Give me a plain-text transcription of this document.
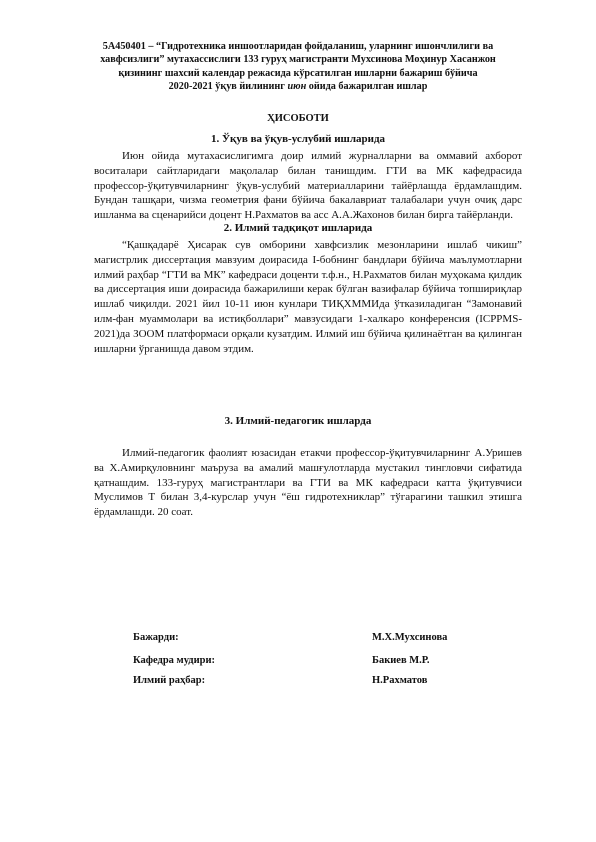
5A450401 – “Гидротехника иншоотларидан фойдаланиш, уларнинг ишончлилиги ва
хавфсизлиги” мутахассислиги 133 гуруҳ магистранти Мухсинова Моҳинур Хасанжон
қизининг шахсий календар режасида кўрсатилган ишларни бажариш бўйича
2020-2021 ўқув йилининг июн ойида бажарилган ишлар
ҲИСОБОТИ
1. Ўқув ва ўқув-услубий ишларида
Июн ойида мутахасислигимга доир илмий журналларни ва оммавий ахборот воситалари сайтларидаги мақолалар билан танишдим. ГТИ ва МК кафедрасида профессор-ўқитувчиларнинг ўқув-услубий материалларини тайёрлашда ёрдамлашдим. Бундан ташқари, чизма геометрия фани бўйича бакалавриат талабалари учун очиқ дарс ишланма ва сценарийси доцент Н.Рахматов ва асс А.А.Жахонов билан бирга тайёрланди.
2. Илмий тадқиқот ишларида
“Қашқадарё Ҳисарак сув омборини хавфсизлик мезонларини ишлаб чикиш” магистрлик диссертация мавзуим доирасида I-бобнинг бандлари бўйича маълумотларни илмий раҳбар “ГТИ ва МК” кафедраси доценти т.ф.н., Н.Рахматов билан муҳокама қилдик ва диссертация иши доирасида бажарилиши керак бўлган вазифалар бўйича топшириқлар ишлаб чиқилди. 2021 йил 10-11 июн кунлари ТИҚХММИда ўтказиладиган “Замонавий илм-фан муаммолари ва истиқболлари” мавзусидаги 1-халкаро конференсия (ICPPMS-2021)да ЗООМ платформаси орқали кузатдим. Илмий иш бўйича қилинаётган ва қилинган ишларни ўрганишда давом этдим.
3. Илмий-педагогик ишларда
Илмий-педагогик фаолият юзасидан етакчи профессор-ўқитувчиларнинг А.Уришев ва Х.Амирқуловнинг маъруза ва амалий машғулотларда мустакил тингловчи сифатида қатнашдим. 133-гуруҳ магистрантлари ва ГТИ ва МК кафедраси катта ўқитувчиси Муслимов Т билан 3,4-курслар учун “ёш гидротехниклар” тўгарагини ташкил этишга ёрдамлашди. 20 соат.
Бажарди:	М.Х.Мухсинова
Кафедра мудири:	Бакиев М.Р.
Илмий раҳбар:	Н.Рахматов
